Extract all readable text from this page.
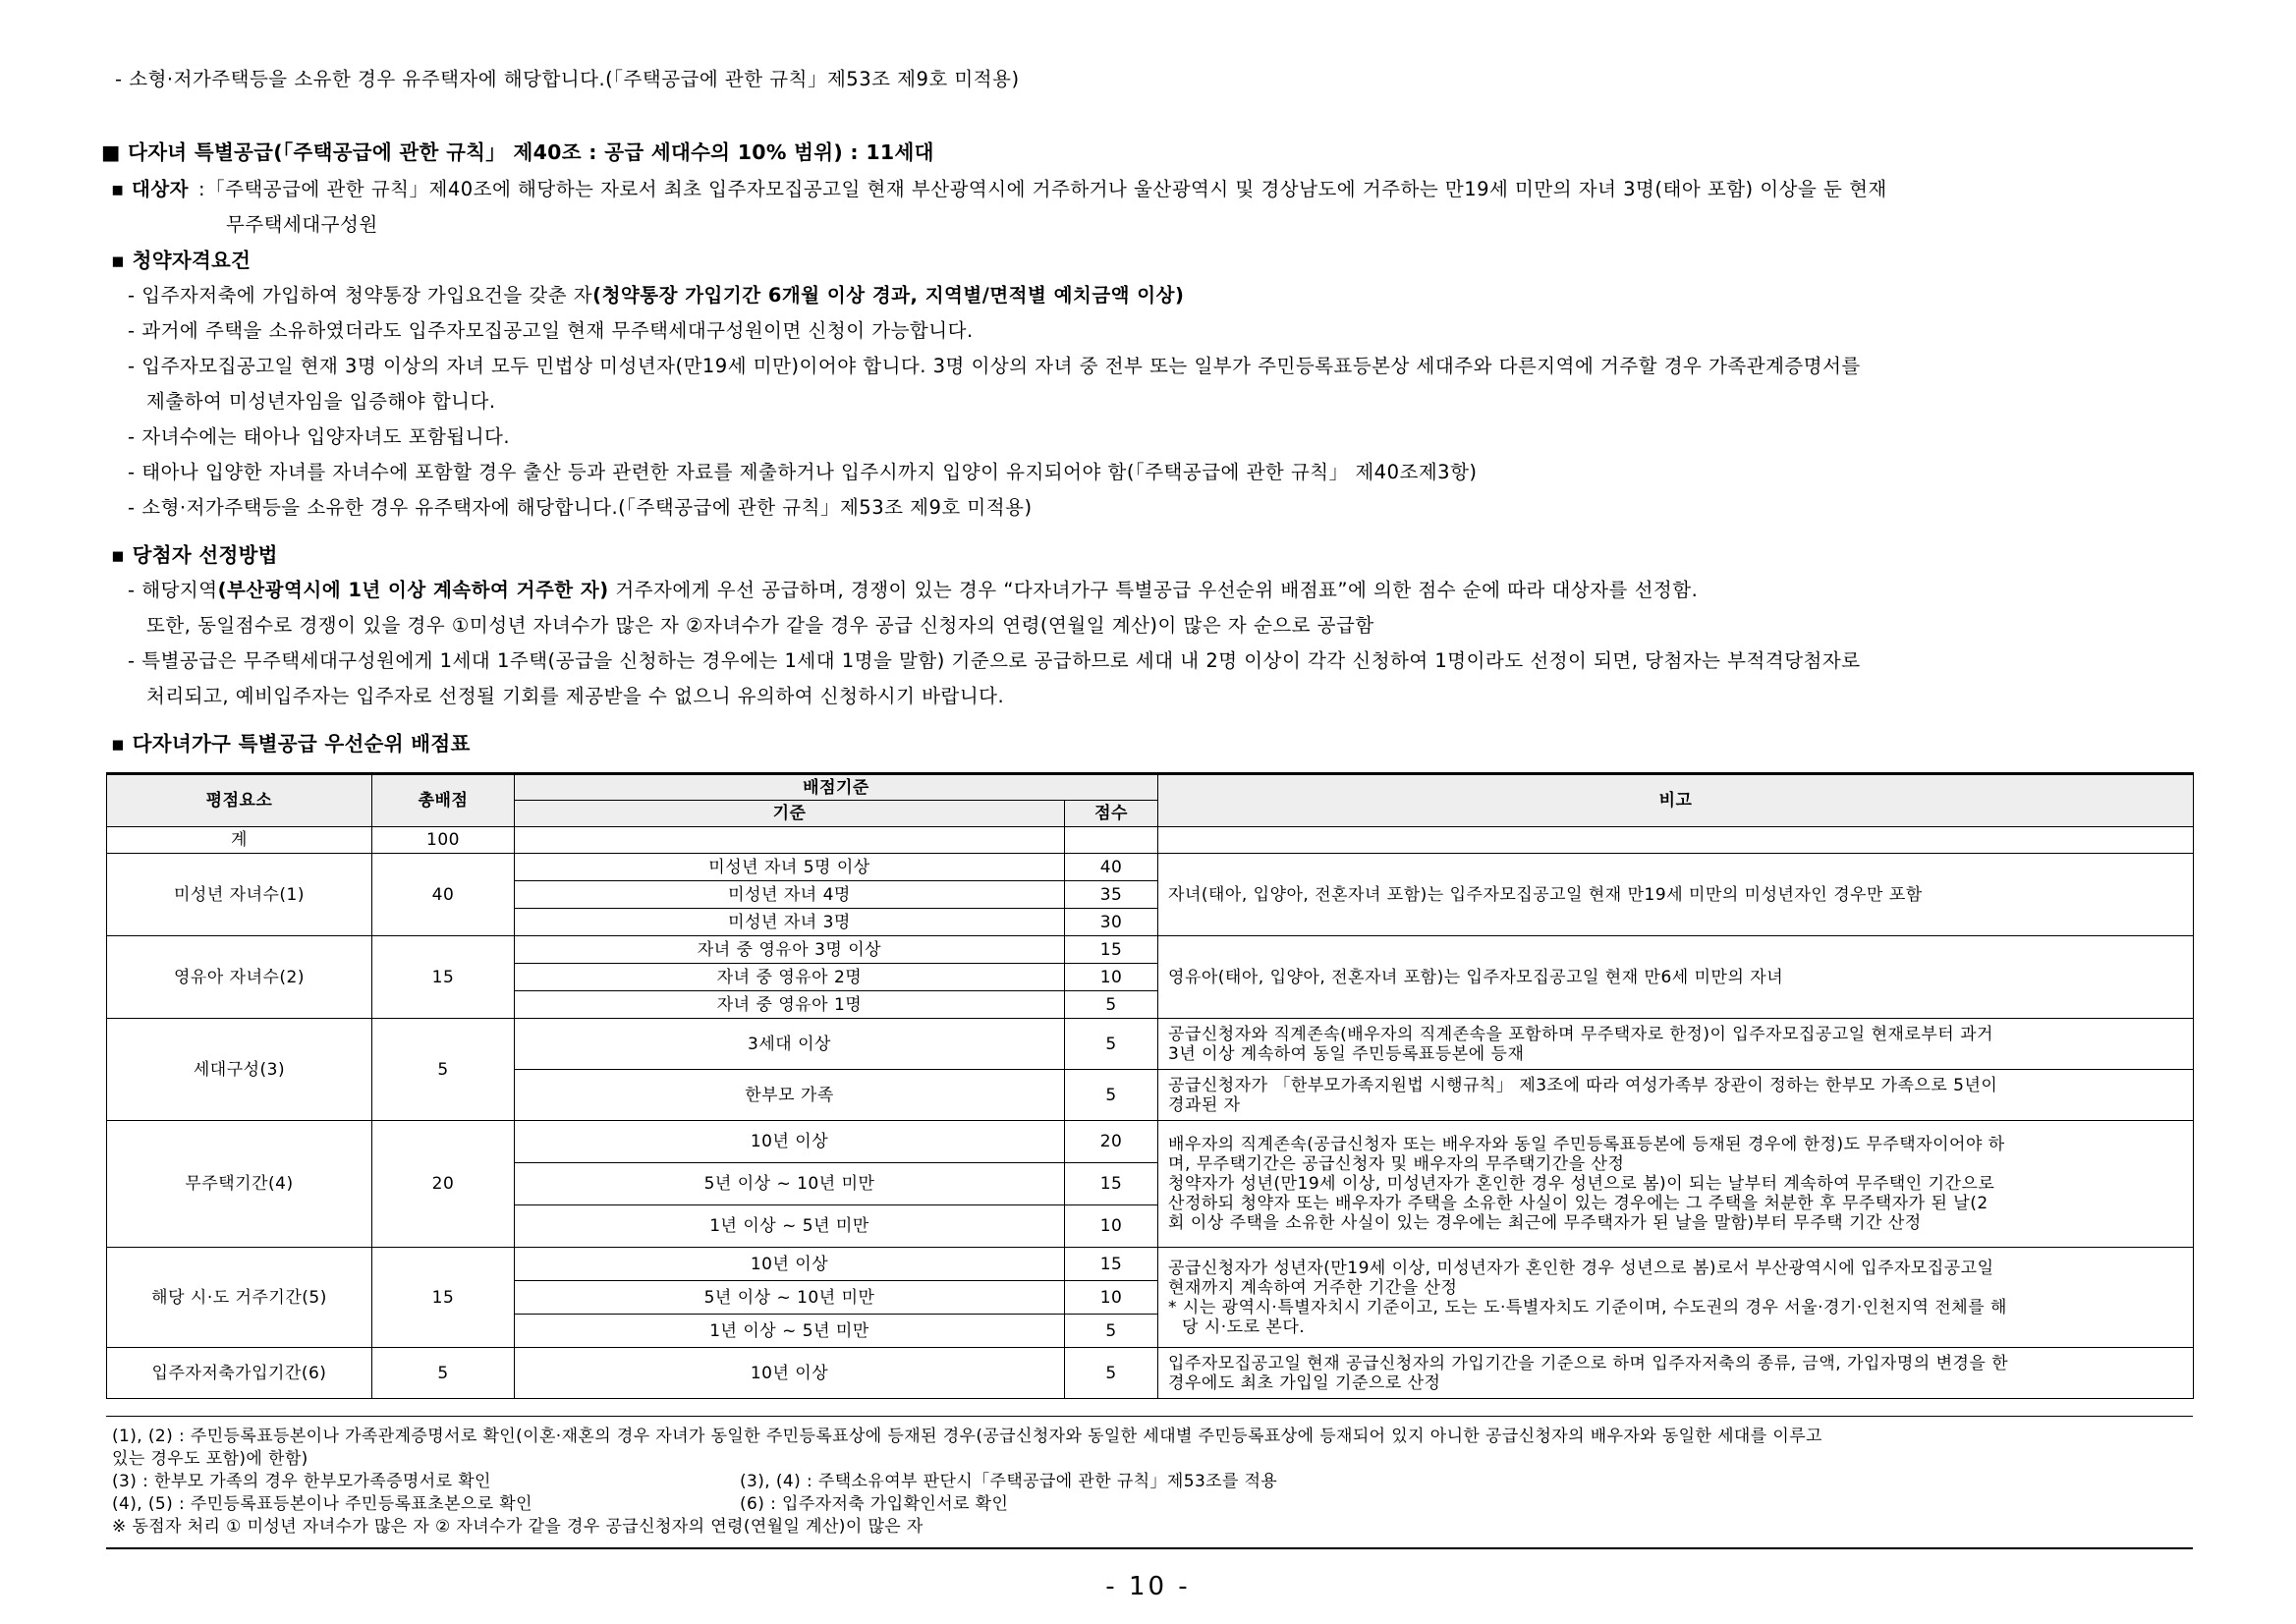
- 소형·저가주택등을 소유한 경우 유주택자에 해당합니다.(「주택공급에 관한 규칙」제53조 제9호 미적용)
■ 다자녀 특별공급(「주택공급에 관한 규칙」 제40조 : 공급 세대수의 10% 범위) : 11세대
▪ 대상자 :「주택공급에 관한 규칙」제40조에 해당하는 자로서 최초 입주자모집공고일 현재 부산광역시에 거주하거나 울산광역시 및 경상남도에 거주하는 만19세 미만의 자녀 3명(태아 포함) 이상을 둔 현재
무주택세대구성원
▪ 청약자격요건
- 입주자저축에 가입하여 청약통장 가입요건을 갖춘 자(청약통장 가입기간 6개월 이상 경과, 지역별/면적별 예치금액 이상)
- 과거에 주택을 소유하였더라도 입주자모집공고일 현재 무주택세대구성원이면 신청이 가능합니다.
- 입주자모집공고일 현재 3명 이상의 자녀 모두 민법상 미성년자(만19세 미만)이어야 합니다. 3명 이상의 자녀 중 전부 또는 일부가 주민등록표등본상 세대주와 다른지역에 거주할 경우 가족관계증명서를
제출하여 미성년자임을 입증해야 합니다.
- 자녀수에는 태아나 입양자녀도 포함됩니다.
- 태아나 입양한 자녀를 자녀수에 포함할 경우 출산 등과 관련한 자료를 제출하거나 입주시까지 입양이 유지되어야 함(「주택공급에 관한 규칙」 제40조제3항)
- 소형·저가주택등을 소유한 경우 유주택자에 해당합니다.(「주택공급에 관한 규칙」제53조 제9호 미적용)
▪ 당첨자 선정방법
- 해당지역(부산광역시에 1년 이상 계속하여 거주한 자) 거주자에게 우선 공급하며, 경쟁이 있는 경우 “다자녀가구 특별공급 우선순위 배점표”에 의한 점수 순에 따라 대상자를 선정함.
또한, 동일점수로 경쟁이 있을 경우 ①미성년 자녀수가 많은 자 ②자녀수가 같을 경우 공급 신청자의 연령(연월일 계산)이 많은 자 순으로 공급함
- 특별공급은 무주택세대구성원에게 1세대 1주택(공급을 신청하는 경우에는 1세대 1명을 말함) 기준으로 공급하므로 세대 내 2명 이상이 각각 신청하여 1명이라도 선정이 되면, 당첨자는 부적격당첨자로
처리되고, 예비입주자는 입주자로 선정될 기회를 제공받을 수 없으니 유의하여 신청하시기 바랍니다.
▪ 다자녀가구 특별공급 우선순위 배점표
평점요소	총배점	배점기준		비고
		기준	점수	
계	100			
미성년 자녀수(1)	40	미성년 자녀 5명 이상	40	자녀(태아, 입양아, 전혼자녀 포함)는 입주자모집공고일 현재 만19세 미만의 미성년자인 경우만 포함
		미성년 자녀 4명	35	
		미성년 자녀 3명	30	
영유아 자녀수(2)	15	자녀 중 영유아 3명 이상	15	영유아(태아, 입양아, 전혼자녀 포함)는 입주자모집공고일 현재 만6세 미만의 자녀
		자녀 중 영유아 2명	10	
		자녀 중 영유아 1명	5	
세대구성(3)	5	3세대 이상	5	공급신청자와 직계존속(배우자의 직계존속을 포함하며 무주택자로 한정)이 입주자모집공고일 현재로부터 과거
3년 이상 계속하여 동일 주민등록표등본에 등재

		한부모 가족	5	공급신청자가 「한부모가족지원법 시행규칙」 제3조에 따라 여성가족부 장관이 정하는 한부모 가족으로 5년이
경과된 자

무주택기간(4)	20	10년 이상	20	배우자의 직계존속(공급신청자 또는 배우자와 동일 주민등록표등본에 등재된 경우에 한정)도 무주택자이어야 하
며, 무주택기간은 공급신청자 및 배우자의 무주택기간을 산정
청약자가 성년(만19세 이상, 미성년자가 혼인한 경우 성년으로 봄)이 되는 날부터 계속하여 무주택인 기간으로
산정하되 청약자 또는 배우자가 주택을 소유한 사실이 있는 경우에는 그 주택을 처분한 후 무주택자가 된 날(2
회 이상 주택을 소유한 사실이 있는 경우에는 최근에 무주택자가 된 날을 말함)부터 무주택 기간 산정

		5년 이상 ~ 10년 미만	15	
		1년 이상 ~ 5년 미만	10	
해당 시·도 거주기간(5)	15	10년 이상	15	공급신청자가 성년자(만19세 이상, 미성년자가 혼인한 경우 성년으로 봄)로서 부산광역시에 입주자모집공고일
현재까지 계속하여 거주한 기간을 산정
* 시는 광역시·특별자치시 기준이고, 도는 도·특별자치도 기준이며, 수도권의 경우 서울·경기·인천지역 전체를 해
당 시·도로 본다.

		5년 이상 ~ 10년 미만	10	
		1년 이상 ~ 5년 미만	5	
입주자저축가입기간(6)	5	10년 이상	5	입주자모집공고일 현재 공급신청자의 가입기간을 기준으로 하며 입주자저축의 종류, 금액, 가입자명의 변경을 한
경우에도 최초 가입일 기준으로 산정
(1), (2) : 주민등록표등본이나 가족관계증명서로 확인(이혼·재혼의 경우 자녀가 동일한 주민등록표상에 등재된 경우(공급신청자와 동일한 세대별 주민등록표상에 등재되어 있지 아니한 공급신청자의 배우자와 동일한 세대를 이루고
있는 경우도 포함)에 한함)
(3) : 한부모 가족의 경우 한부모가족증명서로 확인	(3), (4) : 주택소유여부 판단시「주택공급에 관한 규칙」제53조를 적용
(4), (5) : 주민등록표등본이나 주민등록표초본으로 확인	(6) : 입주자저축 가입확인서로 확인
※ 동점자 처리 ① 미성년 자녀수가 많은 자 ② 자녀수가 같을 경우 공급신청자의 연령(연월일 계산)이 많은 자
- 10 -
